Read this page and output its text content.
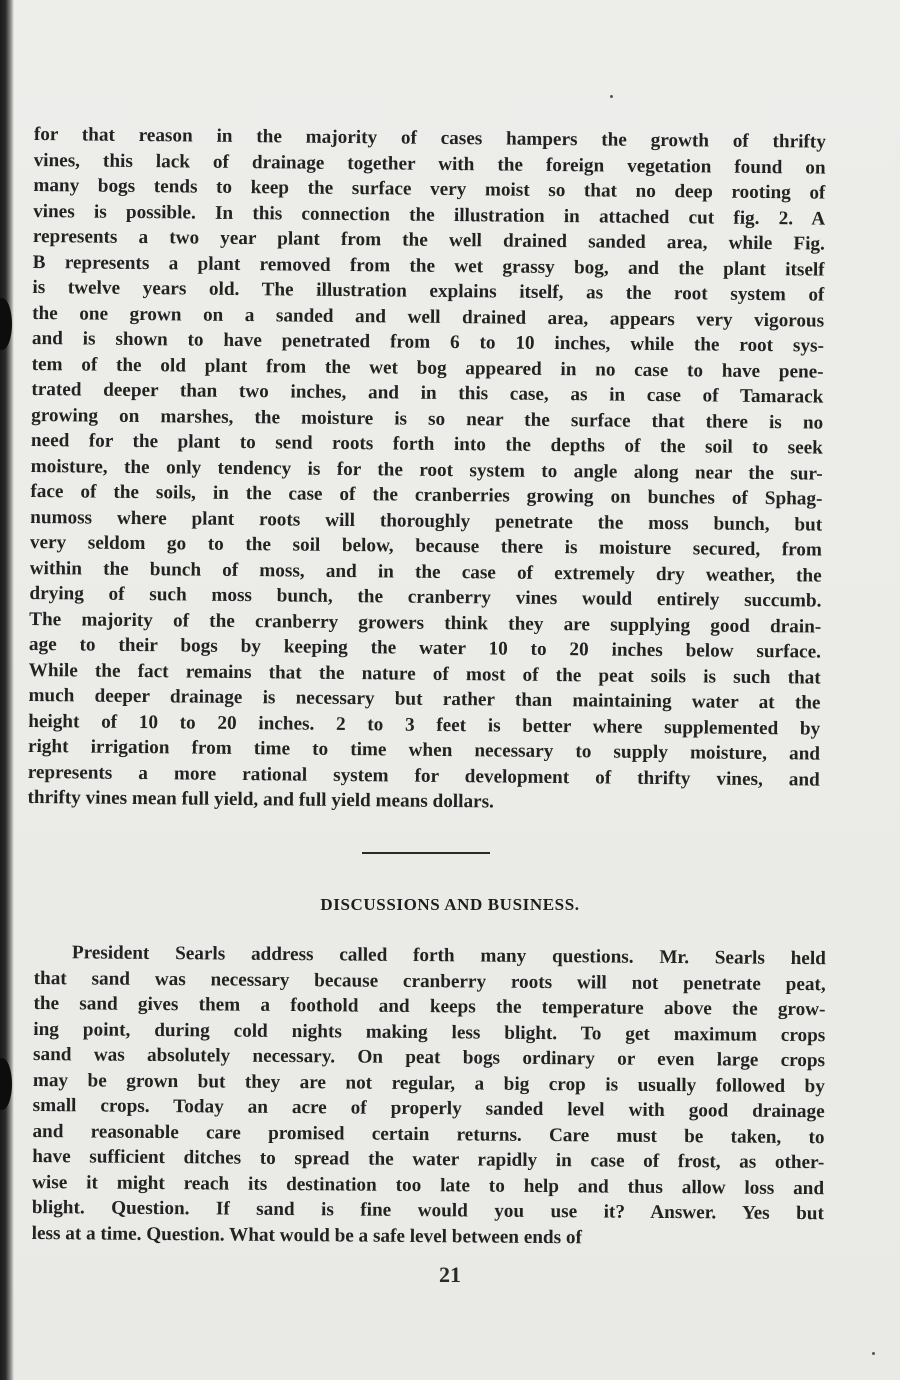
for that reason in the majority of cases hampers the growth of thrifty
vines, this lack of drainage together with the foreign vegetation found on
many bogs tends to keep the surface very moist so that no deep rooting of
vines is possible. In this connection the illustration in attached cut fig. 2. A
represents a two year plant from the well drained sanded area, while Fig.
B represents a plant removed from the wet grassy bog, and the plant itself
is twelve years old. The illustration explains itself, as the root system of
the one grown on a sanded and well drained area, appears very vigorous
and is shown to have penetrated from 6 to 10 inches, while the root sys-
tem of the old plant from the wet bog appeared in no case to have pene-
trated deeper than two inches, and in this case, as in case of Tamarack
growing on marshes, the moisture is so near the surface that there is no
need for the plant to send roots forth into the depths of the soil to seek
moisture, the only tendency is for the root system to angle along near the sur-
face of the soils, in the case of the cranberries growing on bunches of Sphag-
numoss where plant roots will thoroughly penetrate the moss bunch, but
very seldom go to the soil below, because there is moisture secured, from
within the bunch of moss, and in the case of extremely dry weather, the
drying of such moss bunch, the cranberry vines would entirely succumb.
The majority of the cranberry growers think they are supplying good drain-
age to their bogs by keeping the water 10 to 20 inches below surface.
While the fact remains that the nature of most of the peat soils is such that
much deeper drainage is necessary but rather than maintaining water at the
height of 10 to 20 inches. 2 to 3 feet is better where supplemented by
right irrigation from time to time when necessary to supply moisture, and
represents a more rational system for development of thrifty vines, and
thrifty vines mean full yield, and full yield means dollars.
DISCUSSIONS AND BUSINESS.
President Searls address called forth many questions. Mr. Searls held
that sand was necessary because cranberry roots will not penetrate peat,
the sand gives them a foothold and keeps the temperature above the grow-
ing point, during cold nights making less blight. To get maximum crops
sand was absolutely necessary. On peat bogs ordinary or even large crops
may be grown but they are not regular, a big crop is usually followed by
small crops. Today an acre of properly sanded level with good drainage
and reasonable care promised certain returns. Care must be taken, to
have sufficient ditches to spread the water rapidly in case of frost, as other-
wise it might reach its destination too late to help and thus allow loss and
blight. Question. If sand is fine would you use it? Answer. Yes but
less at a time. Question. What would be a safe level between ends of
21
